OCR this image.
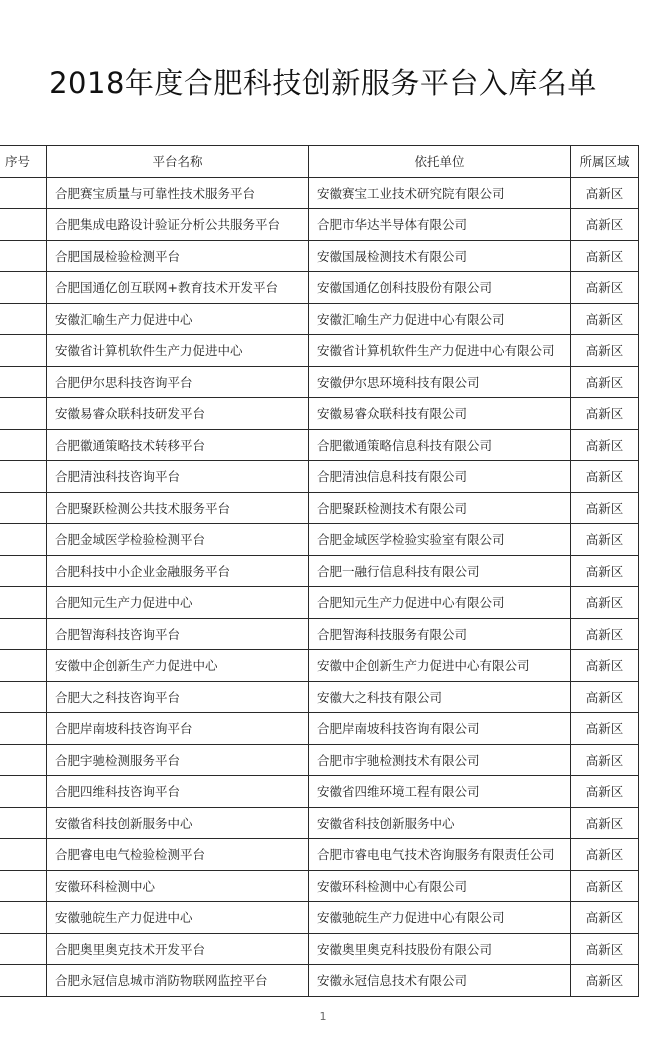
2018年度合肥科技创新服务平台入库名单
序号	平台名称	依托单位	所属区域
	合肥赛宝质量与可靠性技术服务平台	安徽赛宝工业技术研究院有限公司	高新区
	合肥集成电路设计验证分析公共服务平台	合肥市华达半导体有限公司	高新区
	合肥国晟检验检测平台	安徽国晟检测技术有限公司	高新区
	合肥国通亿创互联网+教育技术开发平台	安徽国通亿创科技股份有限公司	高新区
	安徽汇喻生产力促进中心	安徽汇喻生产力促进中心有限公司	高新区
	安徽省计算机软件生产力促进中心	安徽省计算机软件生产力促进中心有限公司	高新区
	合肥伊尔思科技咨询平台	安徽伊尔思环境科技有限公司	高新区
	安徽易睿众联科技研发平台	安徽易睿众联科技有限公司	高新区
	合肥徽通策略技术转移平台	合肥徽通策略信息科技有限公司	高新区
	合肥清浊科技咨询平台	合肥清浊信息科技有限公司	高新区
	合肥聚跃检测公共技术服务平台	合肥聚跃检测技术有限公司	高新区
	合肥金域医学检验检测平台	合肥金域医学检验实验室有限公司	高新区
	合肥科技中小企业金融服务平台	合肥一融行信息科技有限公司	高新区
	合肥知元生产力促进中心	合肥知元生产力促进中心有限公司	高新区
	合肥智海科技咨询平台	合肥智海科技服务有限公司	高新区
	安徽中企创新生产力促进中心	安徽中企创新生产力促进中心有限公司	高新区
	合肥大之科技咨询平台	安徽大之科技有限公司	高新区
	合肥岸南坡科技咨询平台	合肥岸南坡科技咨询有限公司	高新区
	合肥宇驰检测服务平台	合肥市宇驰检测技术有限公司	高新区
	合肥四维科技咨询平台	安徽省四维环境工程有限公司	高新区
	安徽省科技创新服务中心	安徽省科技创新服务中心	高新区
	合肥睿电电气检验检测平台	合肥市睿电电气技术咨询服务有限责任公司	高新区
	安徽环科检测中心	安徽环科检测中心有限公司	高新区
	安徽驰皖生产力促进中心	安徽驰皖生产力促进中心有限公司	高新区
	合肥奥里奥克技术开发平台	安徽奥里奥克科技股份有限公司	高新区
	合肥永冠信息城市消防物联网监控平台	安徽永冠信息技术有限公司	高新区
1
